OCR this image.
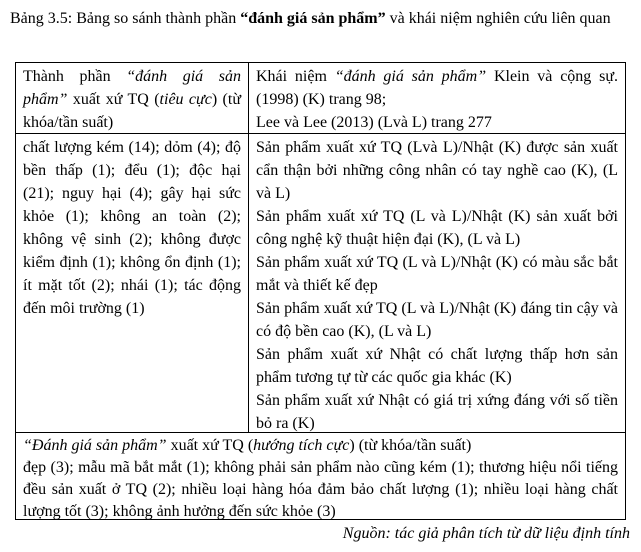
Bảng 3.5: Bảng so sánh thành phần “đánh giá sản phẩm” và khái niệm nghiên cứu liên quan
Thành phần “đánh giá sản phẩm” xuất xứ TQ (tiêu cực) (từ khóa/tần suất)
Khái niệm “đánh giá sản phẩm” Klein và cộng sự. (1998) (K) trang 98;
Lee và Lee (2013) (Lvà L) trang 277
chất lượng kém (14); dỏm (4); độ bền thấp (1); đểu (1); độc hại (21); nguy hại (4); gây hại sức khỏe (1); không an toàn (2); không vệ sinh (2); không được kiểm định (1); không ổn định (1); ít mặt tốt (2); nhái (1); tác động đến môi trường (1)

Sản phẩm xuất xứ TQ (Lvà L)/Nhật (K) được sản xuất cẩn thận bởi những công nhân có tay nghề cao (K), (L và L)

Sản phẩm xuất xứ TQ (L và L)/Nhật (K) sản xuất bởi công nghệ kỹ thuật hiện đại (K), (L và L)

Sản phẩm xuất xứ TQ (L và L)/Nhật (K) có màu sắc bắt mắt và thiết kế đẹp

Sản phẩm xuất xứ TQ (L và L)/Nhật (K) đáng tin cậy và có độ bền cao (K), (L và L)

Sản phẩm xuất xứ Nhật có chất lượng thấp hơn sản phẩm tương tự từ các quốc gia khác (K)

Sản phẩm xuất xứ Nhật có giá trị xứng đáng với số tiền bỏ ra (K)

“Đánh giá sản phẩm” xuất xứ TQ (hướng tích cực) (từ khóa/tần suất)
đẹp (3); mẫu mã bắt mắt (1); không phải sản phẩm nào cũng kém (1); thương hiệu nổi tiếng đều sản xuất ở TQ (2); nhiều loại hàng hóa đảm bảo chất lượng (1); nhiều loại hàng chất lượng tốt (3); không ảnh hưởng đến sức khỏe (3)
Nguồn: tác giả phân tích từ dữ liệu định tính
